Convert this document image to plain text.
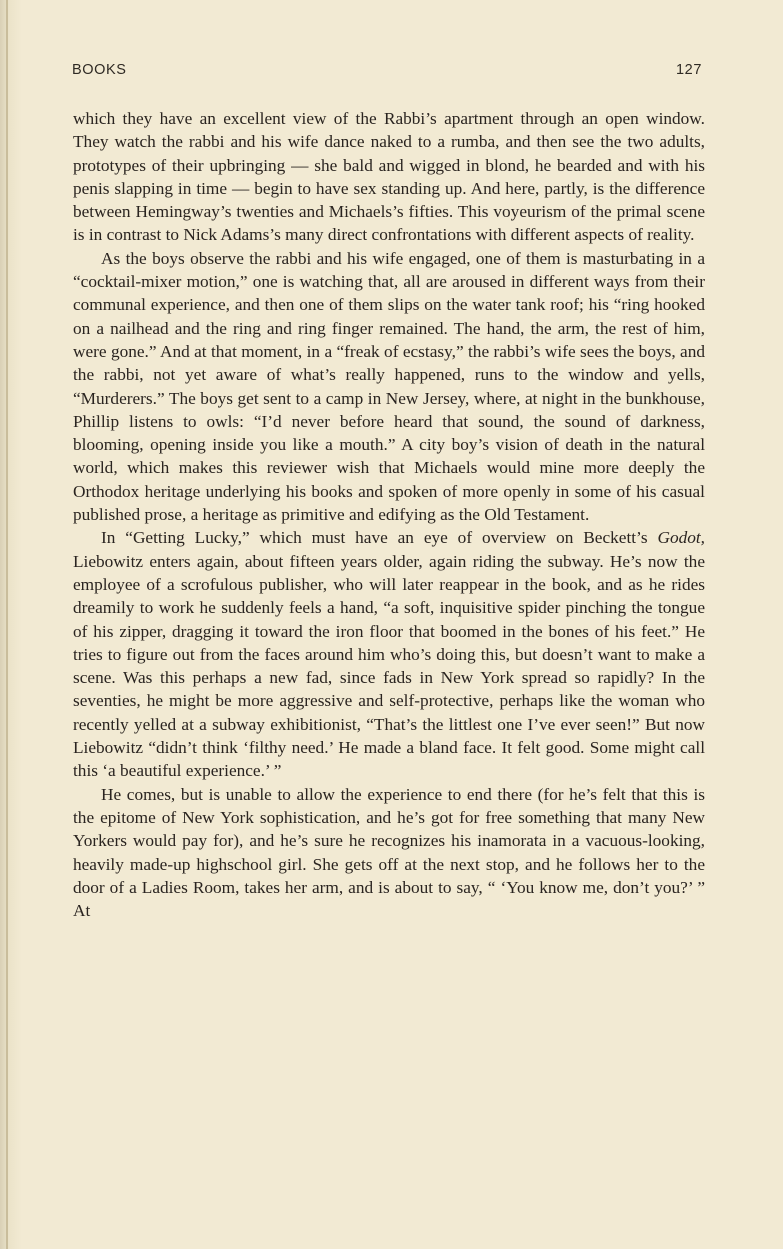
BOOKS	127

which they have an excellent view of the Rabbi’s apartment through an open window. They watch the rabbi and his wife dance naked to a rumba, and then see the two adults, prototypes of their upbringing — she bald and wigged in blond, he bearded and with his penis slapping in time — begin to have sex standing up. And here, partly, is the difference between Hemingway’s twenties and Michaels’s fifties. This voyeurism of the primal scene is in contrast to Nick Adams’s many direct confrontations with different aspects of reality.

As the boys observe the rabbi and his wife engaged, one of them is masturbating in a “cocktail-mixer motion,” one is watching that, all are aroused in different ways from their communal experience, and then one of them slips on the water tank roof; his “ring hooked on a nailhead and the ring and ring finger remained. The hand, the arm, the rest of him, were gone.” And at that moment, in a “freak of ecstasy,” the rabbi’s wife sees the boys, and the rabbi, not yet aware of what’s really happened, runs to the window and yells, “Murderers.” The boys get sent to a camp in New Jersey, where, at night in the bunkhouse, Phillip listens to owls: “I’d never before heard that sound, the sound of darkness, blooming, opening inside you like a mouth.” A city boy’s vision of death in the natural world, which makes this reviewer wish that Michaels would mine more deeply the Orthodox heritage underlying his books and spoken of more openly in some of his casual published prose, a heritage as primitive and edifying as the Old Testament.

In “Getting Lucky,” which must have an eye of overview on Beckett’s Godot, Liebowitz enters again, about fifteen years older, again riding the subway. He’s now the employee of a scrofulous publisher, who will later reappear in the book, and as he rides dreamily to work he suddenly feels a hand, “a soft, inquisitive spider pinching the tongue of his zipper, dragging it toward the iron floor that boomed in the bones of his feet.” He tries to figure out from the faces around him who’s doing this, but doesn’t want to make a scene. Was this perhaps a new fad, since fads in New York spread so rapidly? In the seventies, he might be more aggressive and self-protective, perhaps like the woman who recently yelled at a subway exhibitionist, “That’s the littlest one I’ve ever seen!” But now Liebowitz “didn’t think ‘filthy need.’ He made a bland face. It felt good. Some might call this ‘a beautiful experience.’ ”

He comes, but is unable to allow the experience to end there (for he’s felt that this is the epitome of New York sophistication, and he’s got for free something that many New Yorkers would pay for), and he’s sure he recognizes his inamorata in a vacuous-looking, heavily made-up highschool girl. She gets off at the next stop, and he follows her to the door of a Ladies Room, takes her arm, and is about to say, “ ‘You know me, don’t you?’ ” At
